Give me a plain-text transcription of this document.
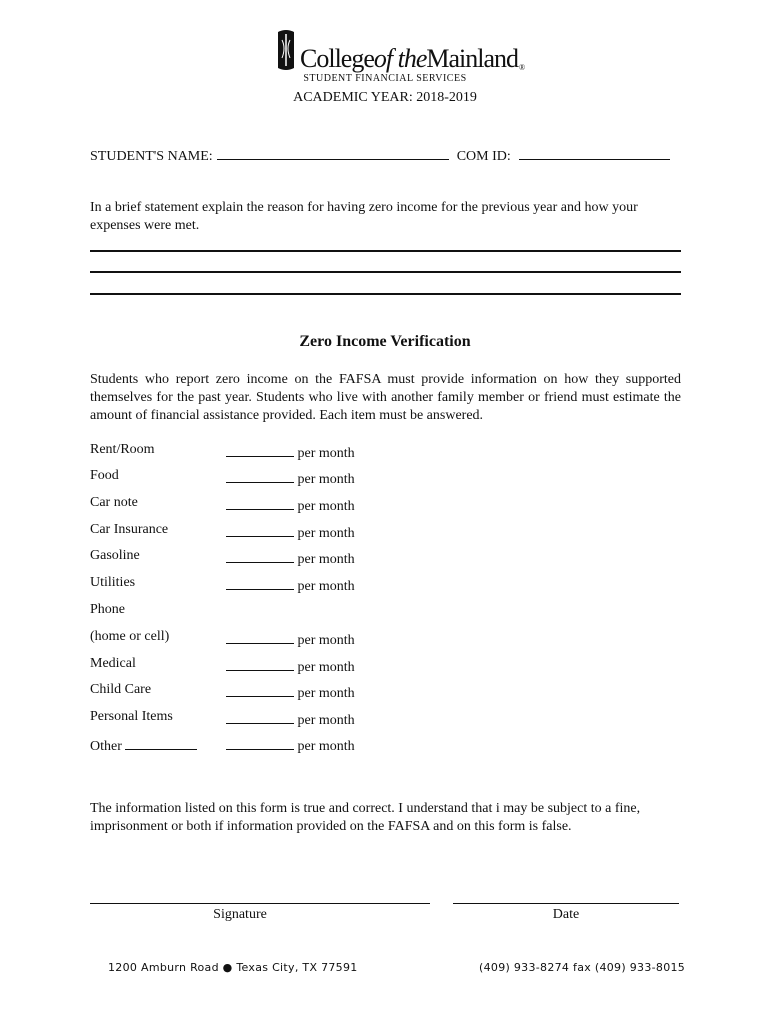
Collegeof theMainland®
STUDENT FINANCIAL SERVICES
ACADEMIC YEAR: 2018-2019
STUDENT'S NAME:	COM ID:
In a brief statement explain the reason for having zero income for the previous year and how your expenses were met.
Zero Income Verification
Students who report zero income on the FAFSA must provide information on how they supported themselves for the past year. Students who live with another family member or friend must estimate the amount of financial assistance provided. Each item must be answered.
Rent/Room	per month
Food	per month
Car note	per month
Car Insurance	per month
Gasoline	per month
Utilities	per month
Phone
(home or cell)	per month
Medical	per month
Child Care	per month
Personal Items	per month
Other	per month
The information listed on this form is true and correct. I understand that i may be subject to a fine, imprisonment or both if information provided on the FAFSA and on this form is false.
Signature	Date
1200 Amburn Road ● Texas City, TX 77591	(409) 933-8274 fax (409) 933-8015
